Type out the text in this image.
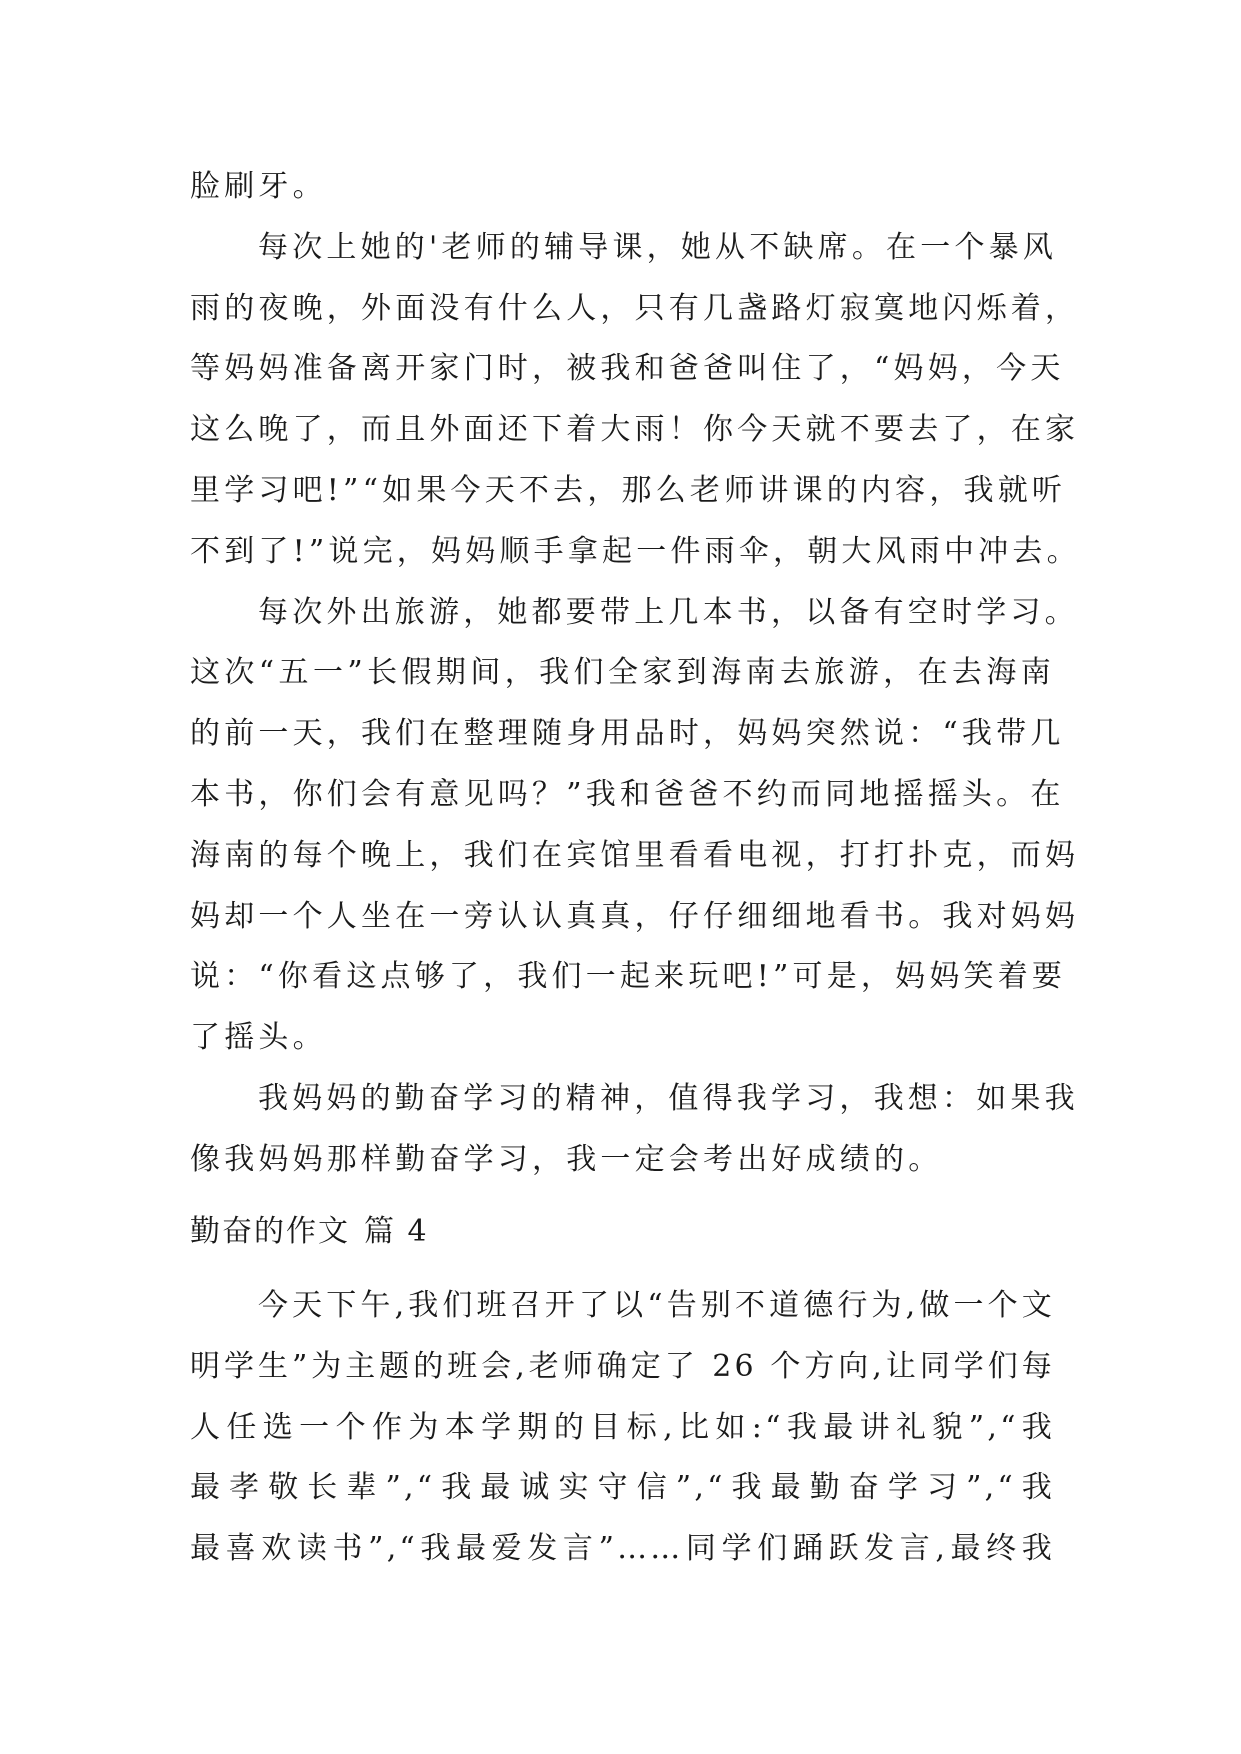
脸刷牙。
每次上她的'老师的辅导课，她从不缺席。在一个暴风
雨的夜晚，外面没有什么人，只有几盏路灯寂寞地闪烁着，
等妈妈准备离开家门时，被我和爸爸叫住了，“妈妈，今天
这么晚了，而且外面还下着大雨！你今天就不要去了，在家
里学习吧!”“如果今天不去，那么老师讲课的内容，我就听
不到了!”说完，妈妈顺手拿起一件雨伞，朝大风雨中冲去。
每次外出旅游，她都要带上几本书，以备有空时学习。
这次“五一”长假期间，我们全家到海南去旅游，在去海南
的前一天，我们在整理随身用品时，妈妈突然说：“我带几
本书，你们会有意见吗？”我和爸爸不约而同地摇摇头。在
海南的每个晚上，我们在宾馆里看看电视，打打扑克，而妈
妈却一个人坐在一旁认认真真，仔仔细细地看书。我对妈妈
说：“你看这点够了，我们一起来玩吧!”可是，妈妈笑着要
了摇头。
我妈妈的勤奋学习的精神，值得我学习，我想：如果我
像我妈妈那样勤奋学习，我一定会考出好成绩的。
勤奋的作文 篇 4
今天下午,我们班召开了以“告别不道德行为,做一个文
明学生”为主题的班会,老师确定了 26 个方向,让同学们每
人任选一个作为本学期的目标,比如:“我最讲礼貌”,“我
最孝敬长辈”,“我最诚实守信”,“我最勤奋学习”,“我
最喜欢读书”,“我最爱发言”……同学们踊跃发言,最终我
